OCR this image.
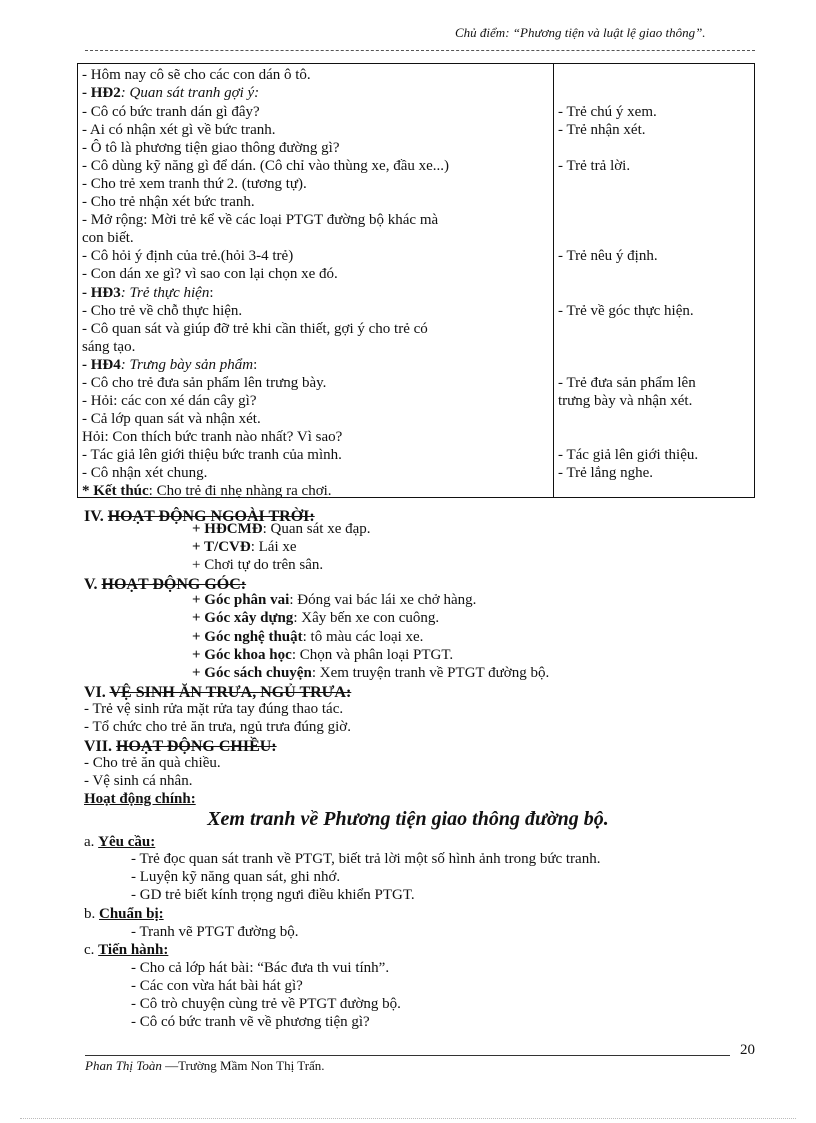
Chủ điểm: “Phương tiện và luật lệ giao thông”.
- Hôm nay cô sẽ cho các con dán ô tô.
- HĐ2: Quan sát tranh gợi ý:
- Cô có bức tranh dán gì đây?
- Ai có nhận xét gì về bức tranh.
- Ô tô là phương tiện giao thông đường gì?
- Cô dùng kỹ năng gì để dán. (Cô chỉ vào thùng xe, đầu xe...)
- Cho trẻ xem tranh thứ 2. (tương tự).
- Cho trẻ nhận xét bức tranh.
- Mở rộng: Mời trẻ kể về các loại PTGT đường bộ khác mà
con biết.
- Cô hỏi ý định của trẻ.(hỏi 3-4 trẻ)
- Con dán xe gì? vì sao con lại chọn xe đó.
- HĐ3: Trẻ thực hiện:
- Cho trẻ về chỗ thực hiện.
- Cô quan sát và giúp đỡ trẻ khi cần thiết, gợi ý cho trẻ có
sáng tạo.
- HĐ4: Trưng bày sản phẩm:
- Cô cho trẻ đưa sản phẩm lên trưng bày.
- Hỏi: các con xé dán cây gì?
- Cả lớp quan sát và nhận xét.
Hỏi: Con thích bức tranh nào nhất? Vì sao?
- Tác giả lên giới thiệu bức tranh của mình.
- Cô nhận xét chung.
* Kết thúc: Cho trẻ đi nhẹ nhàng ra chơi.
- Trẻ chú ý xem.
- Trẻ nhận xét.
- Trẻ trả lời.
- Trẻ nêu ý định.
- Trẻ về góc thực hiện.
- Trẻ đưa sản phẩm lên
trưng bày và nhận xét.
- Tác giả lên giới thiệu.
- Trẻ lắng nghe.
IV. HOẠT ĐỘNG NGOÀI TRỜI:
+ HĐCMĐ: Quan sát xe đạp.
+ T/CVĐ: Lái xe
+ Chơi tự do trên sân.
V. HOẠT ĐỘNG GÓC:
+ Góc phân vai: Đóng vai bác lái xe chở hàng.
+ Góc xây dựng: Xây bến xe con cuông.
+ Góc nghệ thuật: tô màu các loại xe.
+ Góc khoa học: Chọn và phân loại PTGT.
+ Góc sách chuyện: Xem truyện tranh về PTGT đường bộ.
VI. VỆ SINH ĂN TRƯA, NGỦ TRƯA:
- Trẻ vệ sinh rửa mặt rửa tay đúng thao tác.
- Tổ chức cho trẻ ăn trưa, ngủ trưa đúng giờ.
VII. HOẠT ĐỘNG CHIỀU:
- Cho trẻ ăn quà chiều.
- Vệ sinh cá nhân.
Hoạt động chính:
Xem tranh về Phương tiện giao thông đường bộ.
a. Yêu cầu:
- Trẻ đọc quan sát tranh về PTGT, biết trả lời một số hình ảnh trong bức tranh.
- Luyện kỹ năng quan sát, ghi nhớ.
- GD trẻ biết kính trọng ngưi điều khiển PTGT.
b. Chuẩn bị:
- Tranh vẽ PTGT đường bộ.
c. Tiến hành:
- Cho cả lớp hát bài: “Bác đưa th vui tính”.
- Các con vừa hát bài hát gì?
- Cô trò chuyện cùng trẻ về PTGT đường bộ.
- Cô có bức tranh vẽ về phương tiện gì?
20
Phan Thị Toàn —Trường Mầm Non Thị Trấn.
